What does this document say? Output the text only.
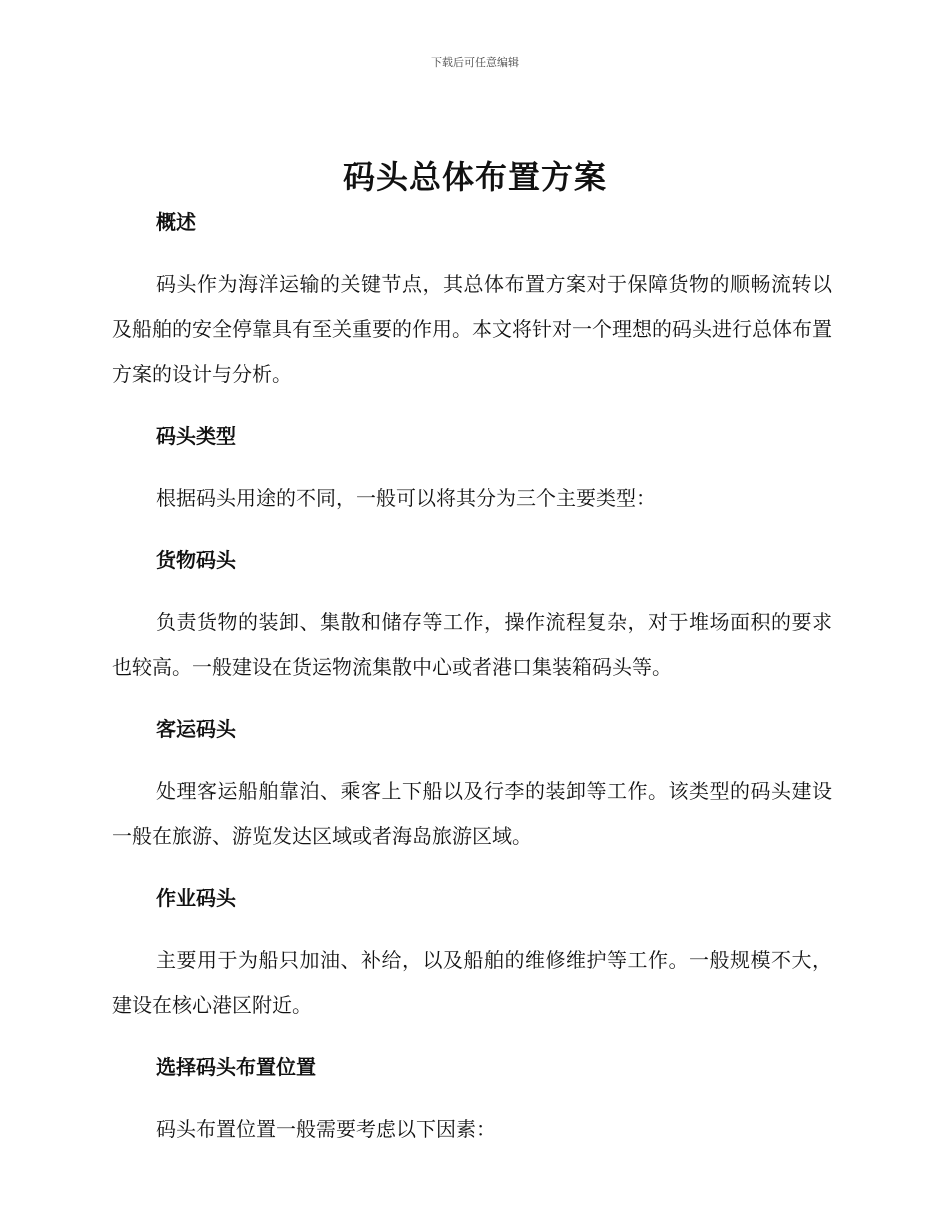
下载后可任意编辑
码头总体布置方案
概述

码头作为海洋运输的关键节点，其总体布置方案对于保障货物的顺畅流转以及船舶的安全停靠具有至关重要的作用。本文将针对一个理想的码头进行总体布置方案的设计与分析。

码头类型

根据码头用途的不同，一般可以将其分为三个主要类型：

货物码头

负责货物的装卸、集散和储存等工作，操作流程复杂，对于堆场面积的要求也较高。一般建设在货运物流集散中心或者港口集装箱码头等。

客运码头

处理客运船舶靠泊、乘客上下船以及行李的装卸等工作。该类型的码头建设一般在旅游、游览发达区域或者海岛旅游区域。

作业码头

主要用于为船只加油、补给，以及船舶的维修维护等工作。一般规模不大，建设在核心港区附近。

选择码头布置位置

码头布置位置一般需要考虑以下因素：
